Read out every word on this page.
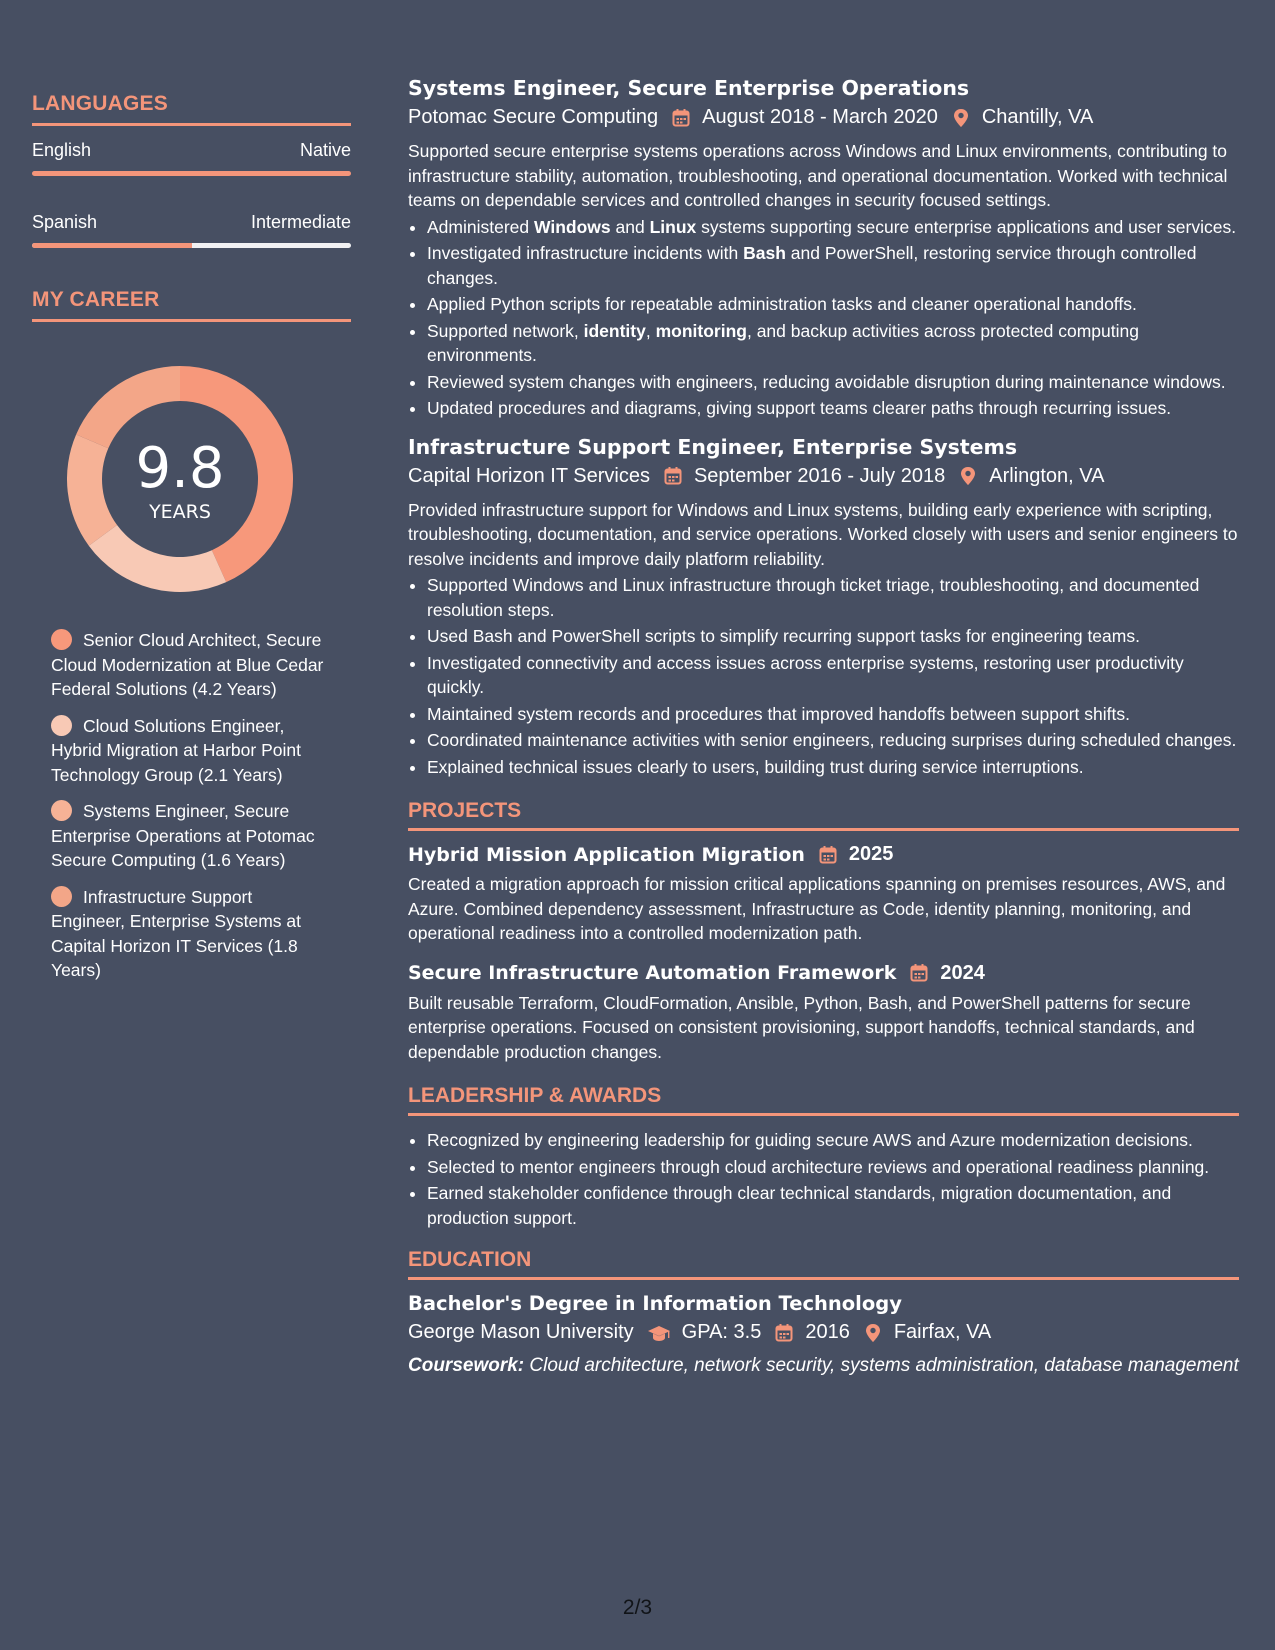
LANGUAGES
English	Native
Spanish	Intermediate
MY CAREER
9.8
YEARS
Senior Cloud Architect, Secure Cloud Modernization at Blue Cedar Federal Solutions (4.2 Years)
Cloud Solutions Engineer, Hybrid Migration at Harbor Point Technology Group (2.1 Years)
Systems Engineer, Secure Enterprise Operations at Potomac Secure Computing (1.6 Years)
Infrastructure Support Engineer, Enterprise Systems at Capital Horizon IT Services (1.8 Years)
Systems Engineer, Secure Enterprise Operations
Potomac Secure Computing August 2018 - March 2020 Chantilly, VA

Supported secure enterprise systems operations across Windows and Linux environments, contributing to infrastructure stability, automation, troubleshooting, and operational documentation. Worked with technical teams on dependable services and controlled changes in security focused settings.

• Administered Windows and Linux systems supporting secure enterprise applications and user services.
• Investigated infrastructure incidents with Bash and PowerShell, restoring service through controlled changes.
• Applied Python scripts for repeatable administration tasks and cleaner operational handoffs.
• Supported network, identity, monitoring, and backup activities across protected computing environments.
• Reviewed system changes with engineers, reducing avoidable disruption during maintenance windows.
• Updated procedures and diagrams, giving support teams clearer paths through recurring issues.
Infrastructure Support Engineer, Enterprise Systems
Capital Horizon IT Services September 2016 - July 2018 Arlington, VA

Provided infrastructure support for Windows and Linux systems, building early experience with scripting, troubleshooting, documentation, and service operations. Worked closely with users and senior engineers to resolve incidents and improve daily platform reliability.

• Supported Windows and Linux infrastructure through ticket triage, troubleshooting, and documented resolution steps.
• Used Bash and PowerShell scripts to simplify recurring support tasks for engineering teams.
• Investigated connectivity and access issues across enterprise systems, restoring user productivity quickly.
• Maintained system records and procedures that improved handoffs between support shifts.
• Coordinated maintenance activities with senior engineers, reducing surprises during scheduled changes.
• Explained technical issues clearly to users, building trust during service interruptions.
PROJECTS
Hybrid Mission Application Migration 2025

Created a migration approach for mission critical applications spanning on premises resources, AWS, and Azure. Combined dependency assessment, Infrastructure as Code, identity planning, monitoring, and operational readiness into a controlled modernization path.

Secure Infrastructure Automation Framework 2024

Built reusable Terraform, CloudFormation, Ansible, Python, Bash, and PowerShell patterns for secure enterprise operations. Focused on consistent provisioning, support handoffs, technical standards, and dependable production changes.

LEADERSHIP & AWARDS
• Recognized by engineering leadership for guiding secure AWS and Azure modernization decisions.
• Selected to mentor engineers through cloud architecture reviews and operational readiness planning.
• Earned stakeholder confidence through clear technical standards, migration documentation, and production support.
EDUCATION
Bachelor's Degree in Information Technology
George Mason University GPA: 3.5 2016 Fairfax, VA
Coursework: Cloud architecture, network security, systems administration, database management
2/3
